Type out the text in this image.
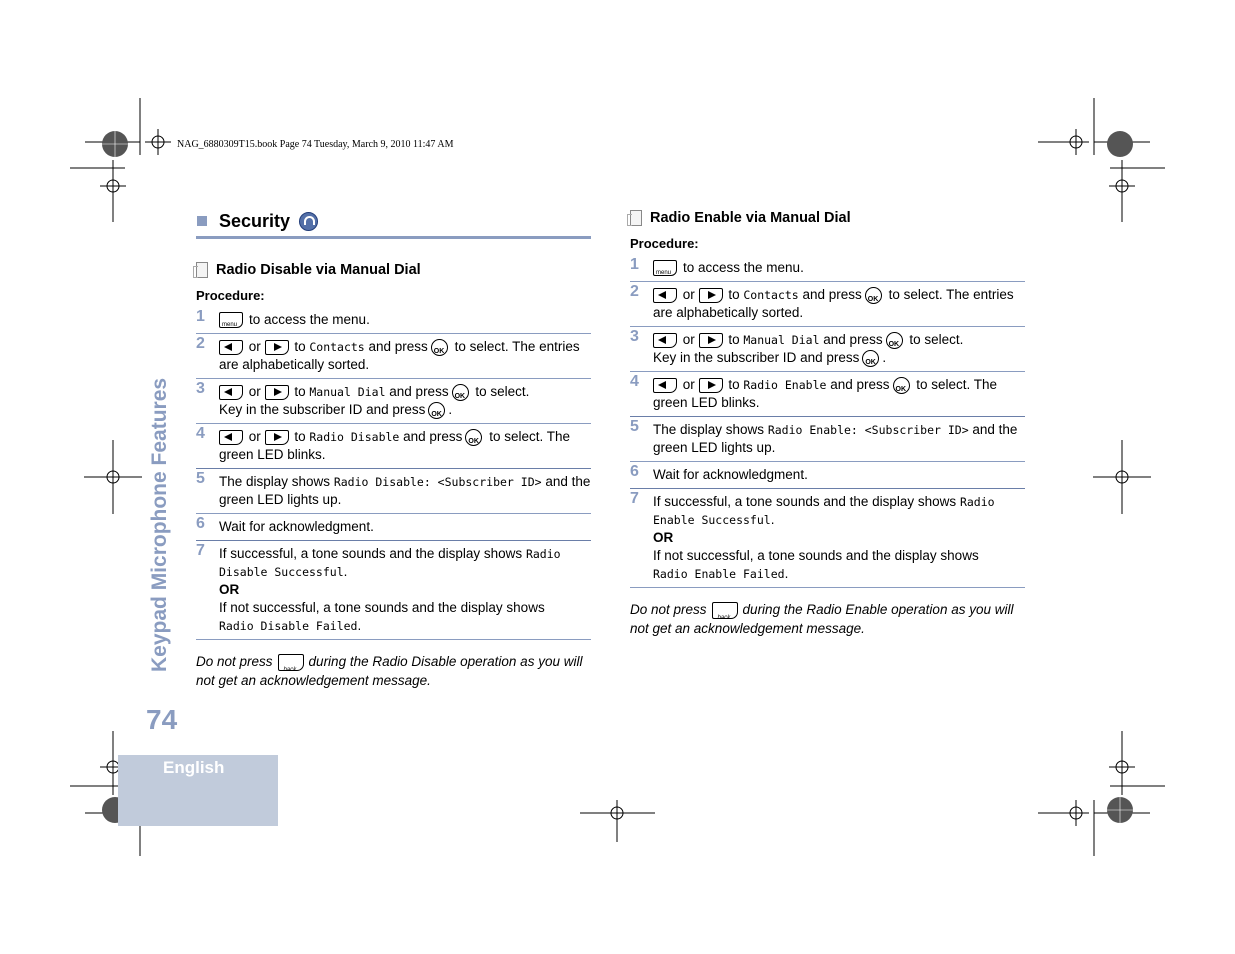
NAG_6880309T15.book Page 74 Tuesday, March 9, 2010 11:47 AM
Keypad Microphone Features
74
English
Security
Radio Disable via Manual Dial
Procedure:
1 menu	to access the menu.
2	or to Contacts and press OK to select. The entries are alphabetically sorted.
3	or to Manual Dial and press OK to select.
Key in the subscriber ID and press OK .
4	or to Radio Disable and press OK to select. The green LED blinks.
5	The display shows Radio Disable: <Subscriber ID> and the green LED lights up.
6	Wait for acknowledgment.
7	If successful, a tone sounds and the display shows Radio Disable Successful.
OR
If not successful, a tone sounds and the display shows
Radio Disable Failed.
Do not press back	during the Radio Disable operation as you will not get an acknowledgement message.
Radio Enable via Manual Dial
Procedure:
1 menu	to access the menu.
2	or to Contacts and press OK to select. The entries are alphabetically sorted.
3	or to Manual Dial and press OK to select.
Key in the subscriber ID and press OK .
4	or to Radio Enable and press OK to select. The green LED blinks.
5	The display shows Radio Enable: <Subscriber ID> and the green LED lights up.
6	Wait for acknowledgment.
7	If successful, a tone sounds and the display shows Radio Enable Successful.
OR
If not successful, a tone sounds and the display shows
Radio Enable Failed.
Do not press back	during the Radio Enable operation as you will not get an acknowledgement message.
